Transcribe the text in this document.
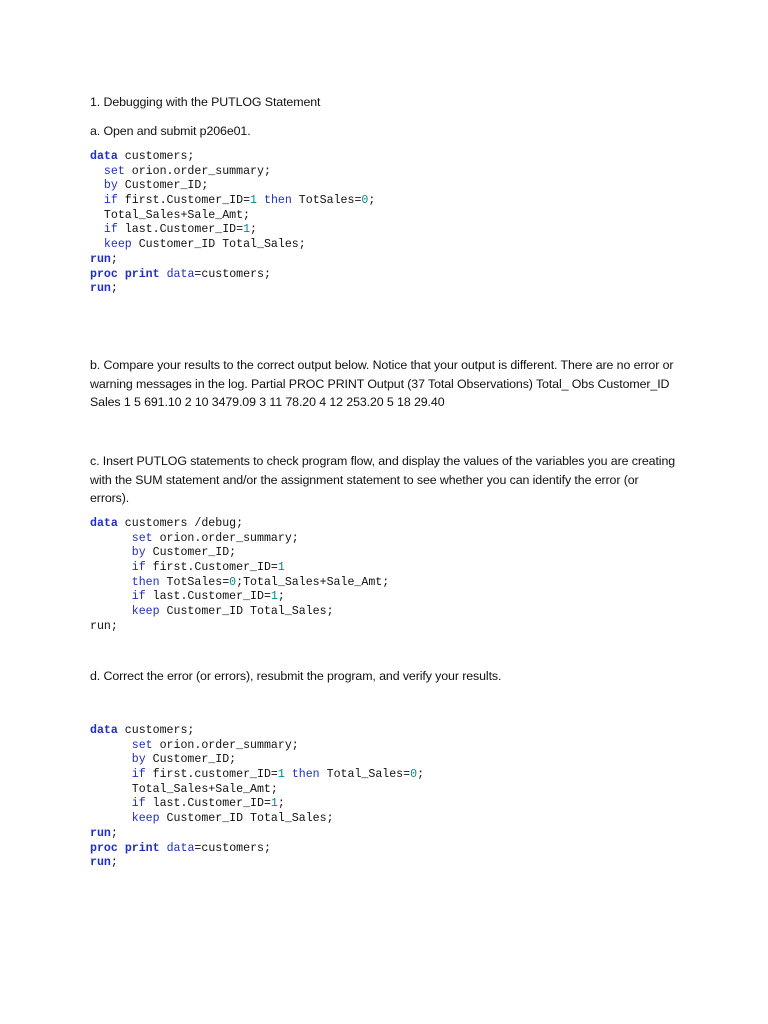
1. Debugging with the PUTLOG Statement
a. Open and submit p206e01.
data customers;
set orion.order_summary;
by Customer_ID;
if first.Customer_ID=1 then TotSales=0;
Total_Sales+Sale_Amt;
if last.Customer_ID=1;
keep Customer_ID Total_Sales;
run;
proc print data=customers;
run;
b. Compare your results to the correct output below. Notice that your output is different. There are no error or warning messages in the log. Partial PROC PRINT Output (37 Total Observations) Total_ Obs Customer_ID Sales 1 5 691.10 2 10 3479.09 3 11 78.20 4 12 253.20 5 18 29.40
c. Insert PUTLOG statements to check program flow, and display the values of the variables you are creating with the SUM statement and/or the assignment statement to see whether you can identify the error (or errors).
data customers /debug;
set orion.order_summary;
by Customer_ID;
if first.Customer_ID=1
then TotSales=0;Total_Sales+Sale_Amt;
if last.Customer_ID=1;
keep Customer_ID Total_Sales;
run;
d. Correct the error (or errors), resubmit the program, and verify your results.
data customers;
set orion.order_summary;
by Customer_ID;
if first.customer_ID=1 then Total_Sales=0;
Total_Sales+Sale_Amt;
if last.Customer_ID=1;
keep Customer_ID Total_Sales;
run;
proc print data=customers;
run;
